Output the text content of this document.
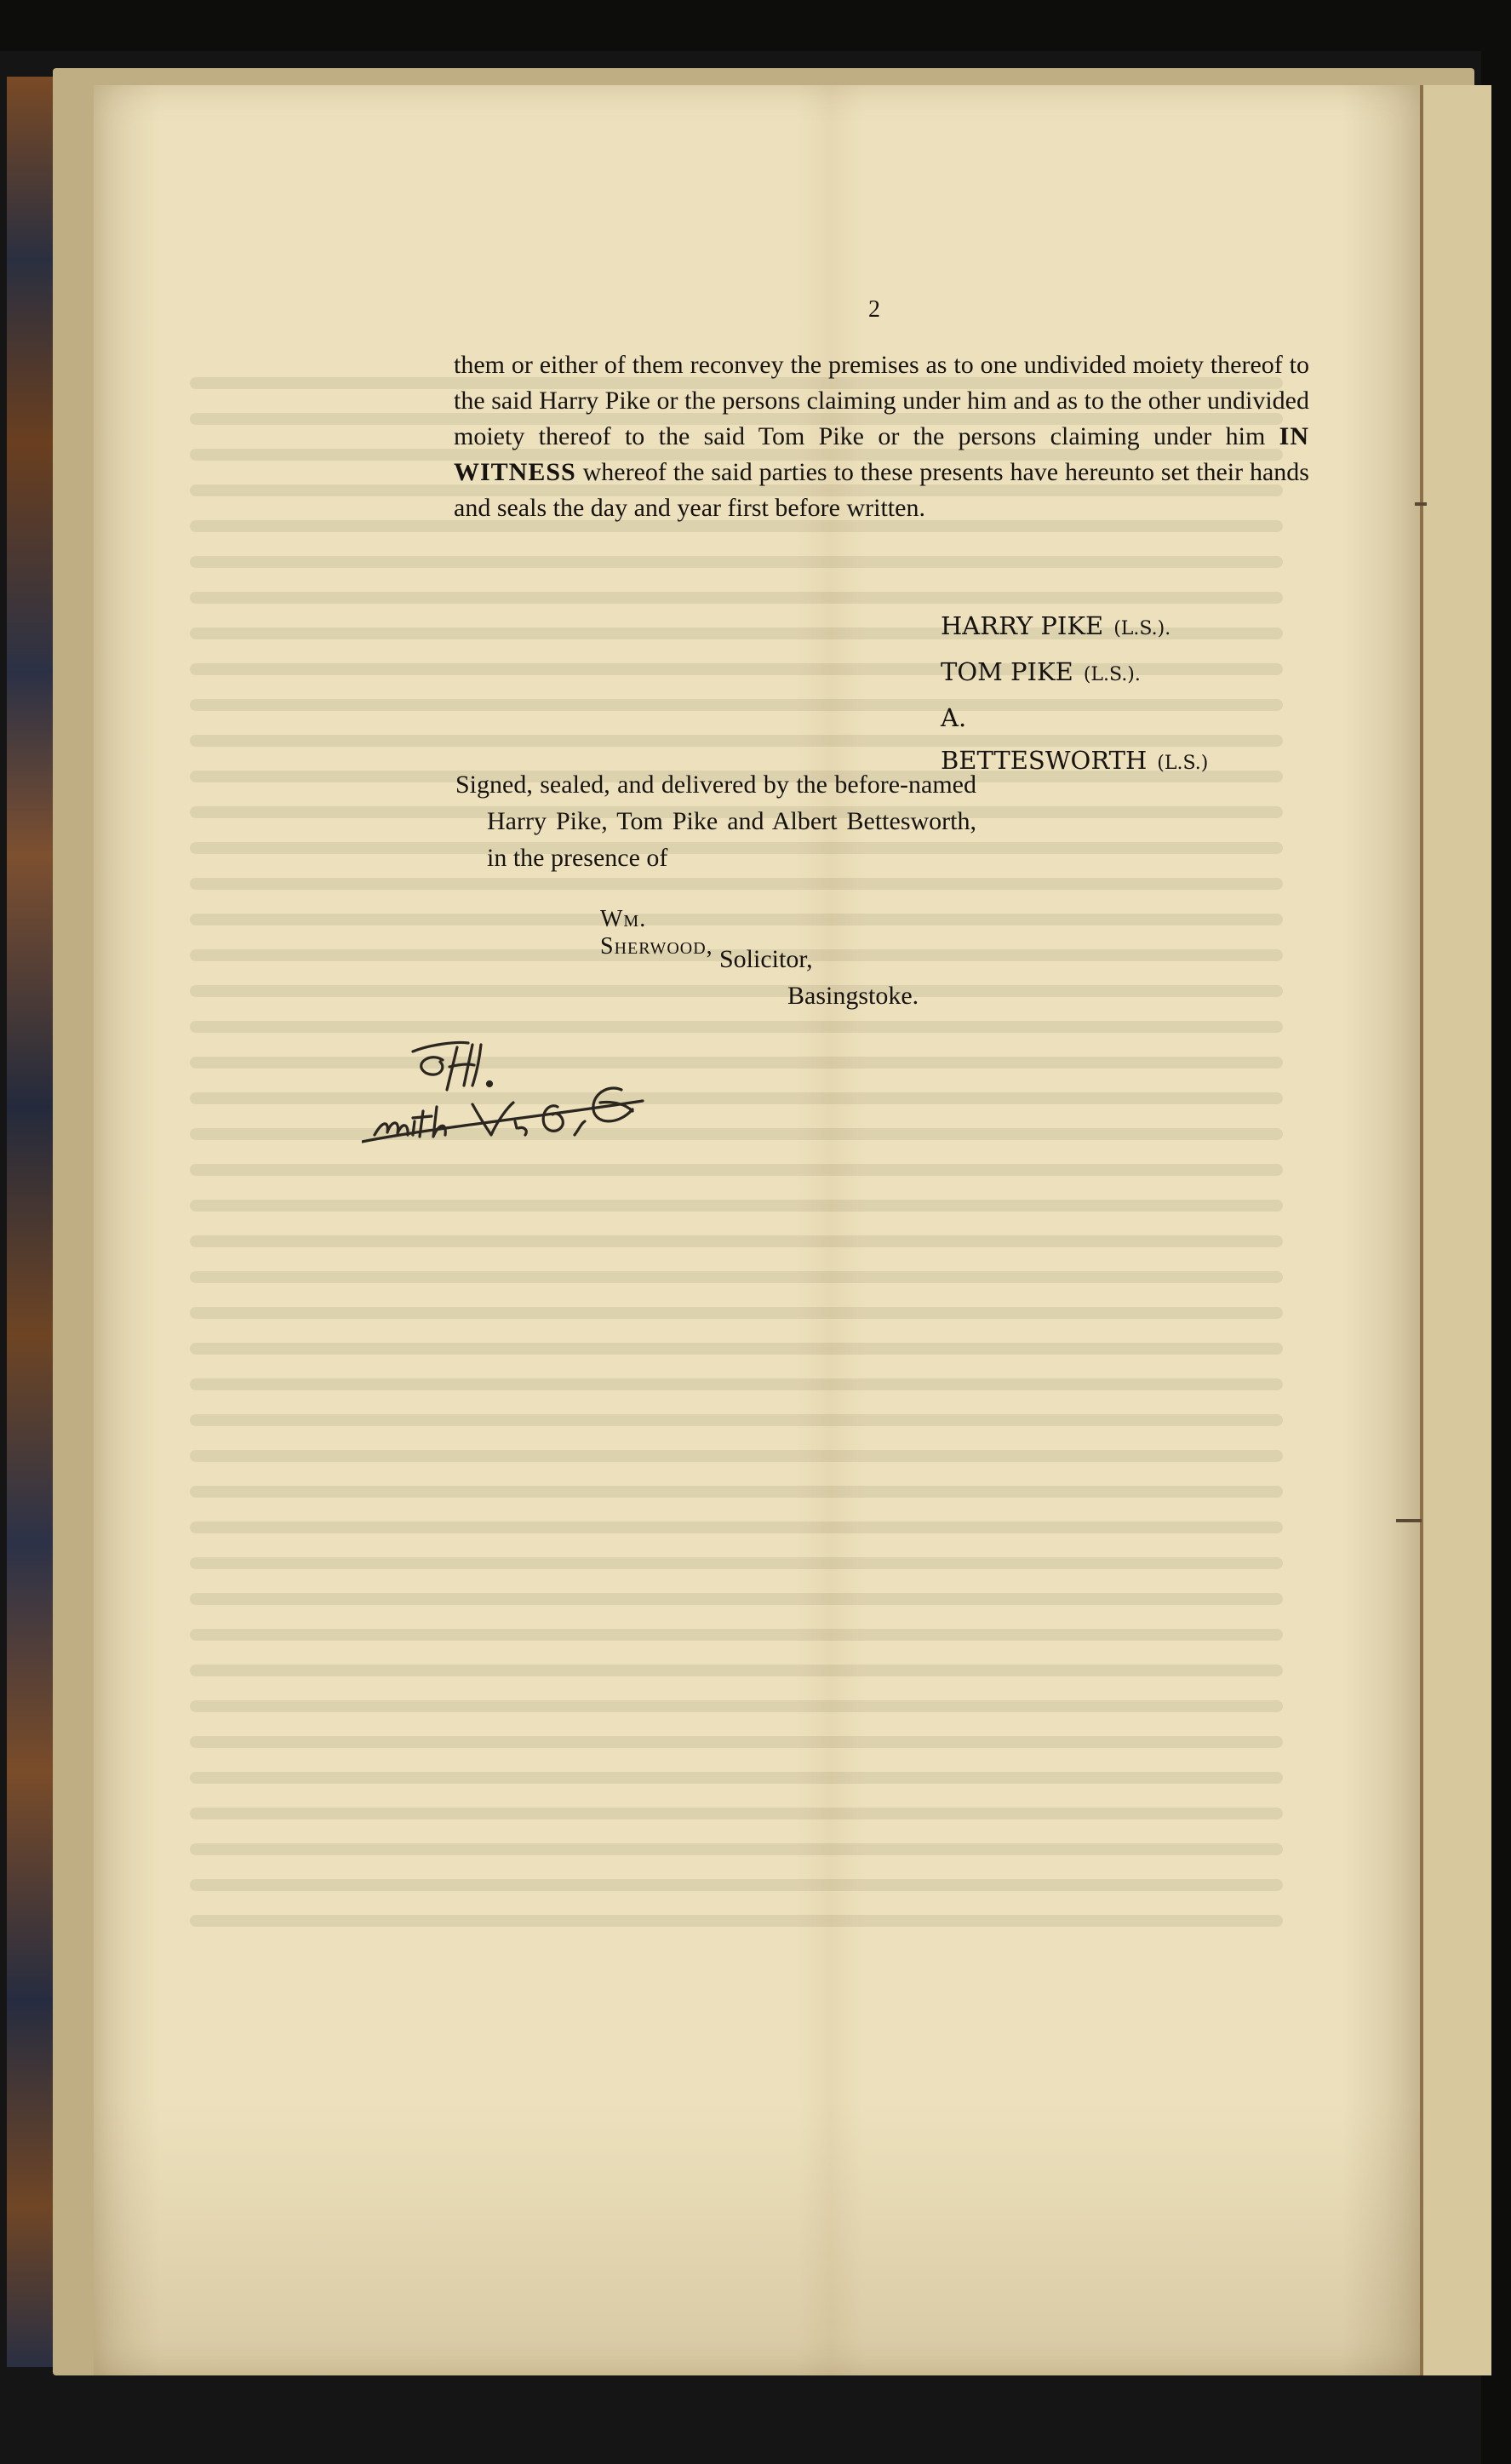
2
them or either of them reconvey the premises as to one undivided moiety thereof to the said Harry Pike or the persons claiming under him and as to the other undivided moiety thereof to the said Tom Pike or the persons claiming under him IN WITNESS whereof the said parties to these presents have hereunto set their hands and seals the day and year first before written.
HARRY PIKE (L.S.).
TOM PIKE (L.S.).
A. BETTESWORTH (L.S.)
Signed, sealed, and delivered by the before-named Harry Pike, Tom Pike and Albert Bettesworth, in the presence of
Wm. Sherwood, Solicitor,
Basingstoke.
